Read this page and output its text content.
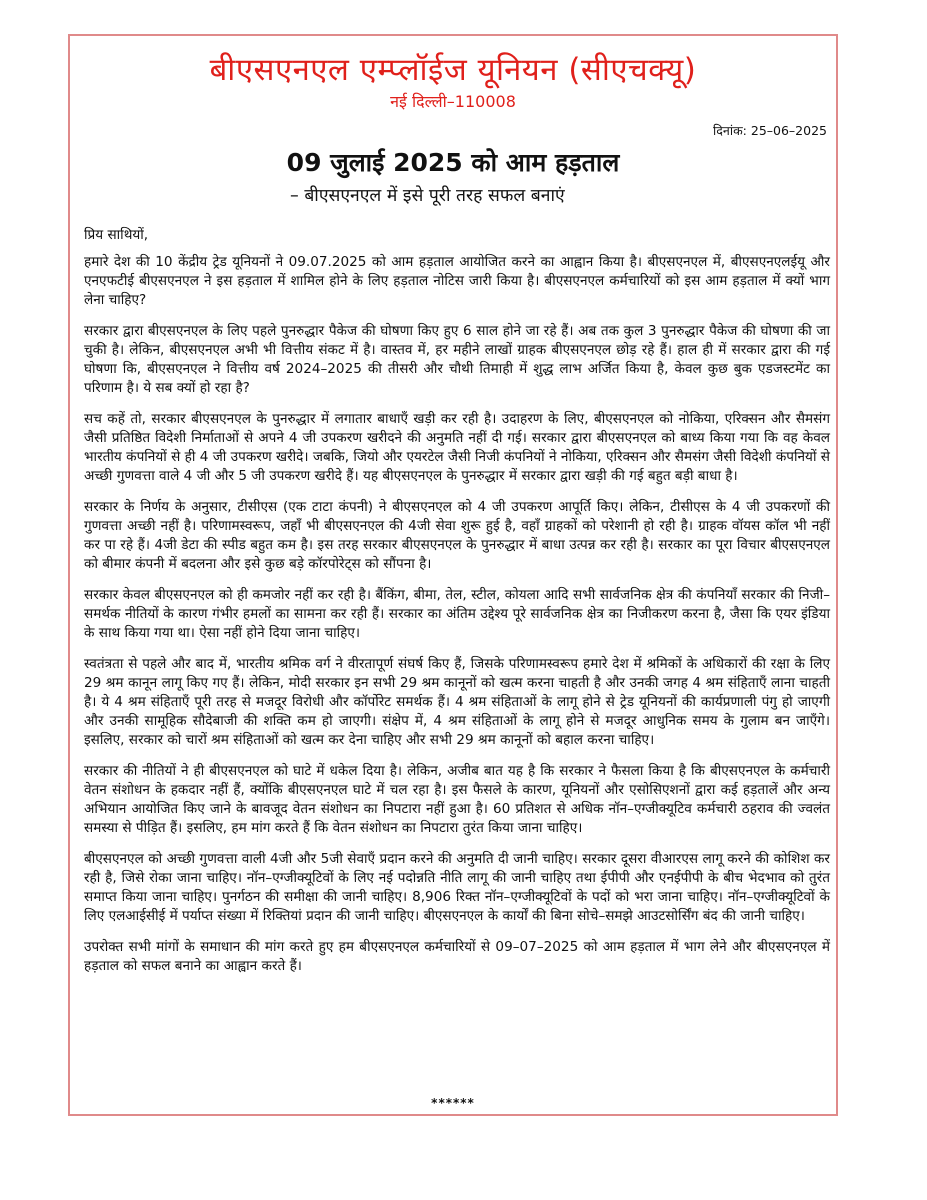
बीएसएनएल एम्प्लॉईज यूनियन (सीएचक्यू)
नई दिल्ली–110008
दिनांक: 25–06–2025
09 जुलाई 2025 को आम हड़ताल
– बीएसएनएल में इसे पूरी तरह सफल बनाएं

प्रिय साथियों,

हमारे देश की 10 केंद्रीय ट्रेड यूनियनों ने 09.07.2025 को आम हड़ताल आयोजित करने का आह्वान किया है। बीएसएनएल में, बीएसएनएलईयू और एनएफटीई बीएसएनएल ने इस हड़ताल में शामिल होने के लिए हड़ताल नोटिस जारी किया है। बीएसएनएल कर्मचारियों को इस आम हड़ताल में क्यों भाग लेना चाहिए?

सरकार द्वारा बीएसएनएल के लिए पहले पुनरुद्धार पैकेज की घोषणा किए हुए 6 साल होने जा रहे हैं। अब तक कुल 3 पुनरुद्धार पैकेज की घोषणा की जा चुकी है। लेकिन, बीएसएनएल अभी भी वित्तीय संकट में है। वास्तव में, हर महीने लाखों ग्राहक बीएसएनएल छोड़ रहे हैं। हाल ही में सरकार द्वारा की गई घोषणा कि, बीएसएनएल ने वित्तीय वर्ष 2024–2025 की तीसरी और चौथी तिमाही में शुद्ध लाभ अर्जित किया है, केवल कुछ बुक एडजस्टमेंट का परिणाम है। ये सब क्यों हो रहा है?

सच कहें तो, सरकार बीएसएनएल के पुनरुद्धार में लगातार बाधाएँ खड़ी कर रही है। उदाहरण के लिए, बीएसएनएल को नोकिया, एरिक्सन और सैमसंग जैसी प्रतिष्ठित विदेशी निर्माताओं से अपने 4 जी उपकरण खरीदने की अनुमति नहीं दी गई। सरकार द्वारा बीएसएनएल को बाध्य किया गया कि वह केवल भारतीय कंपनियों से ही 4 जी उपकरण खरीदे। जबकि, जियो और एयरटेल जैसी निजी कंपनियों ने नोकिया, एरिक्सन और सैमसंग जैसी विदेशी कंपनियों से अच्छी गुणवत्ता वाले 4 जी और 5 जी उपकरण खरीदे हैं। यह बीएसएनएल के पुनरुद्धार में सरकार द्वारा खड़ी की गई बहुत बड़ी बाधा है।

सरकार के निर्णय के अनुसार, टीसीएस (एक टाटा कंपनी) ने बीएसएनएल को 4 जी उपकरण आपूर्ति किए। लेकिन, टीसीएस के 4 जी उपकरणों की गुणवत्ता अच्छी नहीं है। परिणामस्वरूप, जहाँ भी बीएसएनएल की 4जी सेवा शुरू हुई है, वहाँ ग्राहकों को परेशानी हो रही है। ग्राहक वॉयस कॉल भी नहीं कर पा रहे हैं। 4जी डेटा की स्पीड बहुत कम है। इस तरह सरकार बीएसएनएल के पुनरुद्धार में बाधा उत्पन्न कर रही है। सरकार का पूरा विचार बीएसएनएल को बीमार कंपनी में बदलना और इसे कुछ बड़े कॉरपोरेट्स को सौंपना है।

सरकार केवल बीएसएनएल को ही कमजोर नहीं कर रही है। बैंकिंग, बीमा, तेल, स्टील, कोयला आदि सभी सार्वजनिक क्षेत्र की कंपनियाँ सरकार की निजी–समर्थक नीतियों के कारण गंभीर हमलों का सामना कर रही हैं। सरकार का अंतिम उद्देश्य पूरे सार्वजनिक क्षेत्र का निजीकरण करना है, जैसा कि एयर इंडिया के साथ किया गया था। ऐसा नहीं होने दिया जाना चाहिए।

स्वतंत्रता से पहले और बाद में, भारतीय श्रमिक वर्ग ने वीरतापूर्ण संघर्ष किए हैं, जिसके परिणामस्वरूप हमारे देश में श्रमिकों के अधिकारों की रक्षा के लिए 29 श्रम कानून लागू किए गए हैं। लेकिन, मोदी सरकार इन सभी 29 श्रम कानूनों को खत्म करना चाहती है और उनकी जगह 4 श्रम संहिताएँ लाना चाहती है। ये 4 श्रम संहिताएँ पूरी तरह से मजदूर विरोधी और कॉर्पोरेट समर्थक हैं। 4 श्रम संहिताओं के लागू होने से ट्रेड यूनियनों की कार्यप्रणाली पंगु हो जाएगी और उनकी सामूहिक सौदेबाजी की शक्ति कम हो जाएगी। संक्षेप में, 4 श्रम संहिताओं के लागू होने से मजदूर आधुनिक समय के गुलाम बन जाएँगे। इसलिए, सरकार को चारों श्रम संहिताओं को खत्म कर देना चाहिए और सभी 29 श्रम कानूनों को बहाल करना चाहिए।

सरकार की नीतियों ने ही बीएसएनएल को घाटे में धकेल दिया है। लेकिन, अजीब बात यह है कि सरकार ने फैसला किया है कि बीएसएनएल के कर्मचारी वेतन संशोधन के हकदार नहीं हैं, क्योंकि बीएसएनएल घाटे में चल रहा है। इस फैसले के कारण, यूनियनों और एसोसिएशनों द्वारा कई हड़तालें और अन्य अभियान आयोजित किए जाने के बावजूद वेतन संशोधन का निपटारा नहीं हुआ है। 60 प्रतिशत से अधिक नॉन–एग्जीक्यूटिव कर्मचारी ठहराव की ज्वलंत समस्या से पीड़ित हैं। इसलिए, हम मांग करते हैं कि वेतन संशोधन का निपटारा तुरंत किया जाना चाहिए।

बीएसएनएल को अच्छी गुणवत्ता वाली 4जी और 5जी सेवाएँ प्रदान करने की अनुमति दी जानी चाहिए। सरकार दूसरा वीआरएस लागू करने की कोशिश कर रही है, जिसे रोका जाना चाहिए। नॉन–एग्जीक्यूटिवों के लिए नई पदोन्नति नीति लागू की जानी चाहिए तथा ईपीपी और एनईपीपी के बीच भेदभाव को तुरंत समाप्त किया जाना चाहिए। पुनर्गठन की समीक्षा की जानी चाहिए। 8,906 रिक्त नॉन–एग्जीक्यूटिवों के पदों को भरा जाना चाहिए। नॉन–एग्जीक्यूटिवों के लिए एलआईसीई में पर्याप्त संख्या में रिक्तियां प्रदान की जानी चाहिए। बीएसएनएल के कार्यों की बिना सोचे–समझे आउटसोर्सिंग बंद की जानी चाहिए।

उपरोक्त सभी मांगों के समाधान की मांग करते हुए हम बीएसएनएल कर्मचारियों से 09–07–2025 को आम हड़ताल में भाग लेने और बीएसएनएल में हड़ताल को सफल बनाने का आह्वान करते हैं।

******
